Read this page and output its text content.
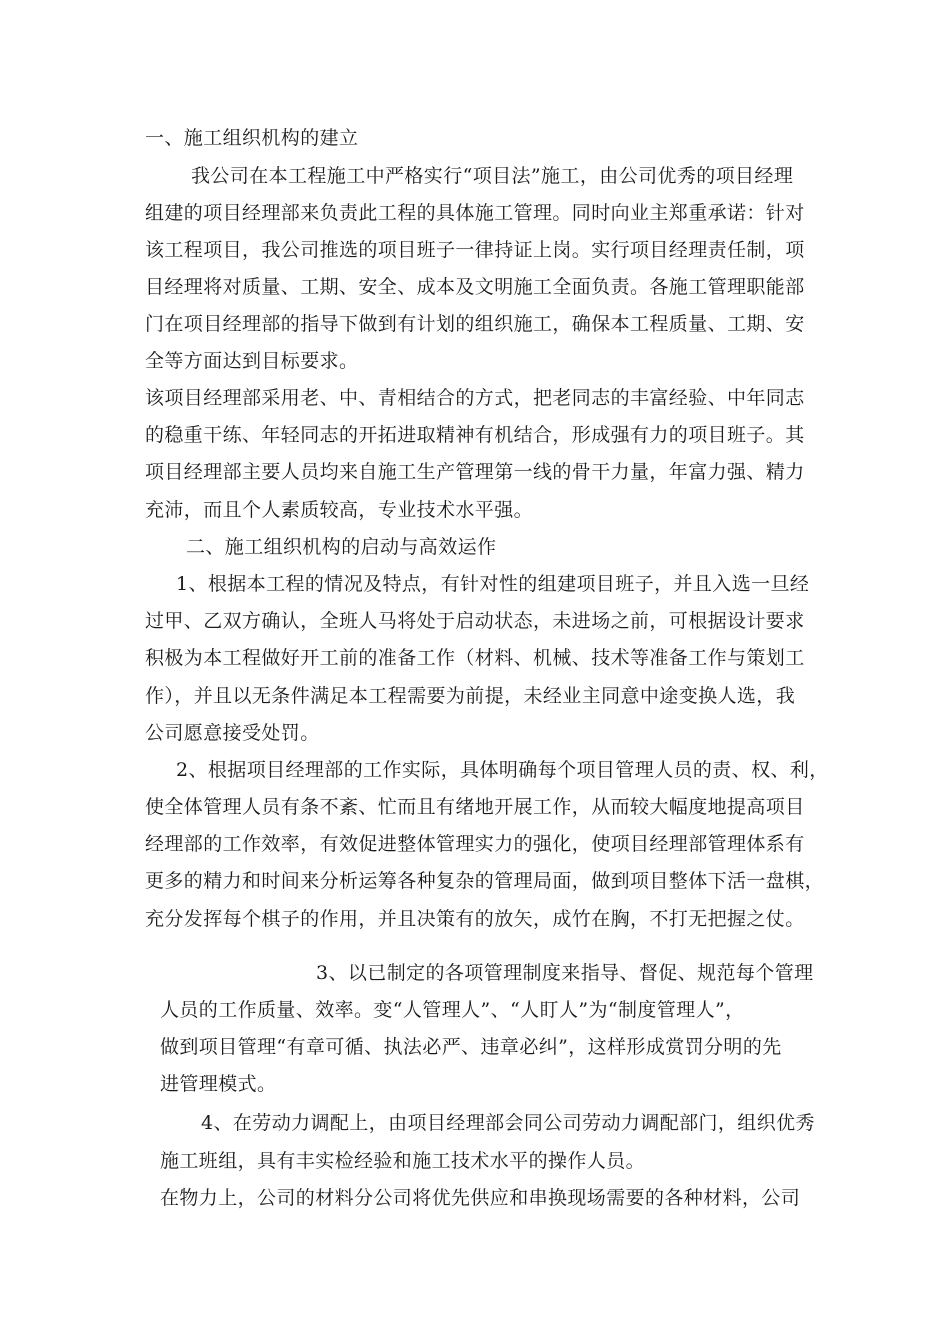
一、施工组织机构的建立

我公司在本工程施工中严格实行“项目法”施工，由公司优秀的项目经理

组建的项目经理部来负责此工程的具体施工管理。同时向业主郑重承诺：针对

该工程项目，我公司推选的项目班子一律持证上岗。实行项目经理责任制，项

目经理将对质量、工期、安全、成本及文明施工全面负责。各施工管理职能部

门在项目经理部的指导下做到有计划的组织施工，确保本工程质量、工期、安

全等方面达到目标要求。

该项目经理部采用老、中、青相结合的方式，把老同志的丰富经验、中年同志

的稳重干练、年轻同志的开拓进取精神有机结合，形成强有力的项目班子。其

项目经理部主要人员均来自施工生产管理第一线的骨干力量，年富力强、精力

充沛，而且个人素质较高，专业技术水平强。

二、施工组织机构的启动与高效运作

1、根据本工程的情况及特点，有针对性的组建项目班子，并且入选一旦经

过甲、乙双方确认，全班人马将处于启动状态，未进场之前，可根据设计要求

积极为本工程做好开工前的准备工作（材料、机械、技术等准备工作与策划工

作），并且以无条件满足本工程需要为前提，未经业主同意中途变换人选，我

公司愿意接受处罚。

2、根据项目经理部的工作实际，具体明确每个项目管理人员的责、权、利，

使全体管理人员有条不紊、忙而且有绪地开展工作，从而较大幅度地提高项目

经理部的工作效率，有效促进整体管理实力的强化，使项目经理部管理体系有

更多的精力和时间来分析运筹各种复杂的管理局面，做到项目整体下活一盘棋，

充分发挥每个棋子的作用，并且决策有的放矢，成竹在胸，不打无把握之仗。

3、以已制定的各项管理制度来指导、督促、规范每个管理

人员的工作质量、效率。变“人管理人”、“人盯人”为“制度管理人”，

做到项目管理“有章可循、执法必严、违章必纠”，这样形成赏罚分明的先

进管理模式。

4、在劳动力调配上，由项目经理部会同公司劳动力调配部门，组织优秀

施工班组，具有丰实检经验和施工技术水平的操作人员。

在物力上，公司的材料分公司将优先供应和串换现场需要的各种材料，公司
